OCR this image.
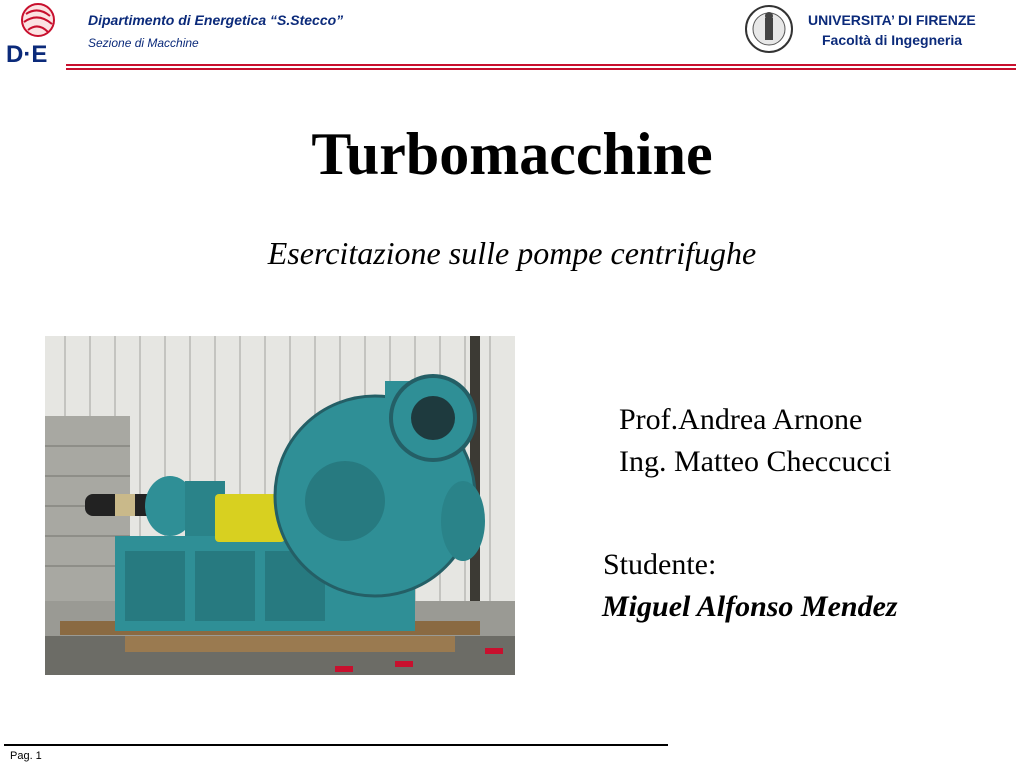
D·E
Dipartimento di Energetica “S.Stecco”
Sezione di Macchine
UNIVERSITA’ DI FIRENZE
Facoltà di Ingegneria
Turbomacchine
Esercitazione sulle pompe centrifughe
Prof.Andrea Arnone
Ing. Matteo Checcucci
Studente:
Miguel Alfonso Mendez
Pag. 1
